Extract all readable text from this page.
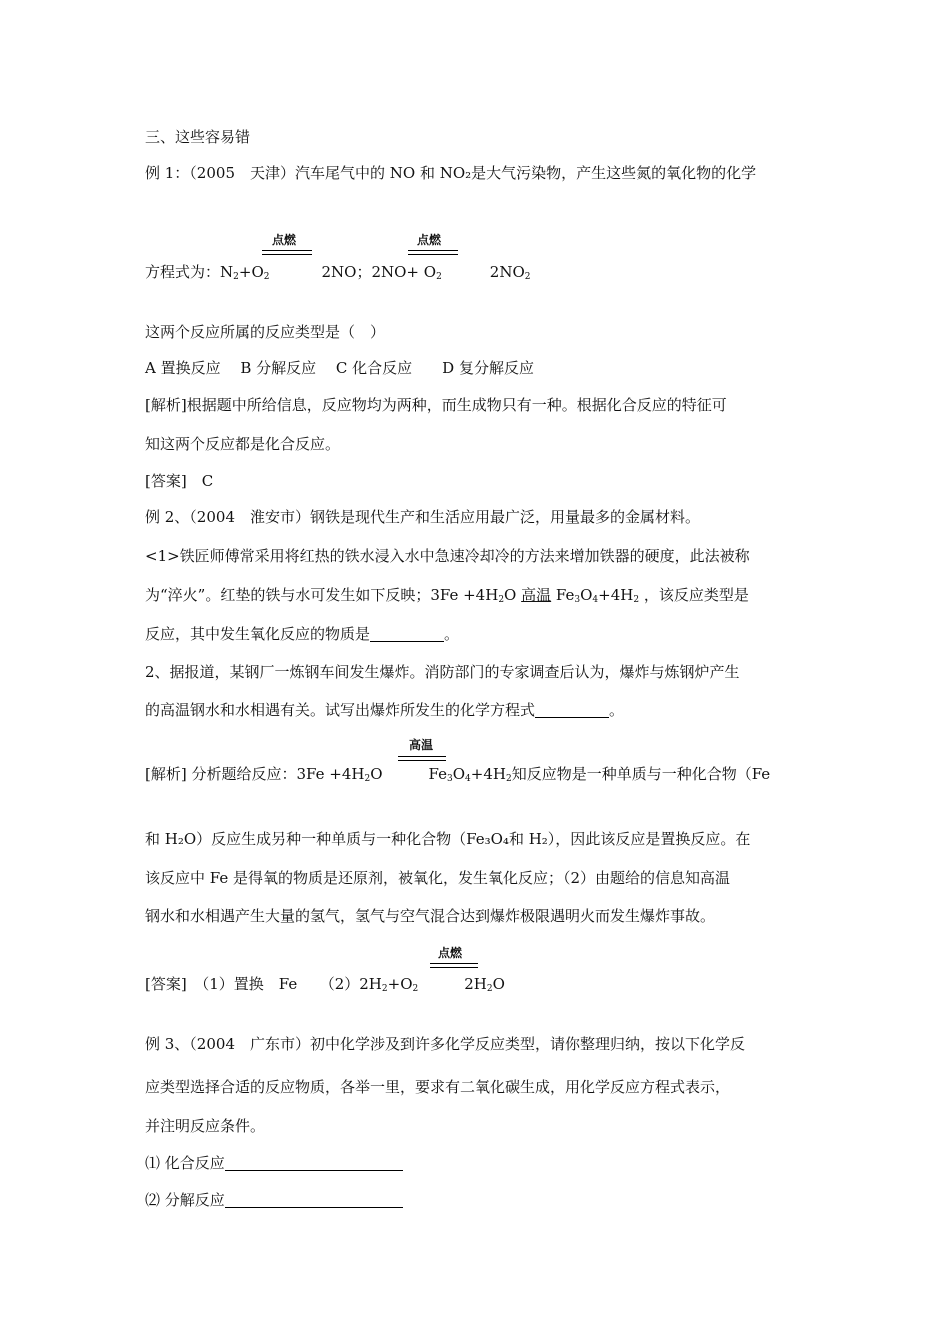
三、这些容易错
例 1：（2005　天津）汽车尾气中的 NO 和 NO₂是大气污染物，产生这些氮的氧化物的化学
点燃	点燃
方程式为：$N_2+O_2$	2NO；$2NO+ O_2$	$2NO_2$
这两个反应所属的反应类型是（　）
A 置换反应　 B 分解反应　 C 化合反应　　D 复分解反应
[解析]根据题中所给信息，反应物均为两种，而生成物只有一种。根据化合反应的特征可
知这两个反应都是化合反应。
[答案]　C
例 2、（2004　淮安市）钢铁是现代生产和生活应用最广泛，用量最多的金属材料。
<1>铁匠师傅常采用将红热的铁水浸入水中急速冷却冷的方法来增加铁器的硬度，此法被称
为“淬火”。红垫的铁与水可发生如下反映；$3Fe +4H_2O$ 高温 $Fe_3O_4+4H_2$ ，该反应类型是
反应，其中发生氧化反应的物质是	。
2、据报道，某钢厂一炼钢车间发生爆炸。消防部门的专家调查后认为，爆炸与炼钢炉产生
的高温钢水和水相遇有关。试写出爆炸所发生的化学方程式	。
高温
[解析] 分析题给反应：$3Fe +4H_2O$	$Fe_3O_4+4H_2$知反应物是一种单质与一种化合物（Fe
和 H₂O）反应生成另种一种单质与一种化合物（Fe₃O₄和 H₂），因此该反应是置换反应。在
该反应中 Fe 是得氧的物质是还原剂，被氧化，发生氧化反应；（2）由题给的信息知高温
钢水和水相遇产生大量的氢气，氢气与空气混合达到爆炸极限遇明火而发生爆炸事故。
点燃
[答案]　（1）置换　Fe　　$(2)2H_2+O_2$	$2H_2O$
例 3、（2004　广东市）初中化学涉及到许多化学反应类型，请你整理归纳，按以下化学反
应类型选择合适的反应物质，各举一里，要求有二氧化碳生成，用化学反应方程式表示，
并注明反应条件。
⑴ 化合反应
⑵ 分解反应
